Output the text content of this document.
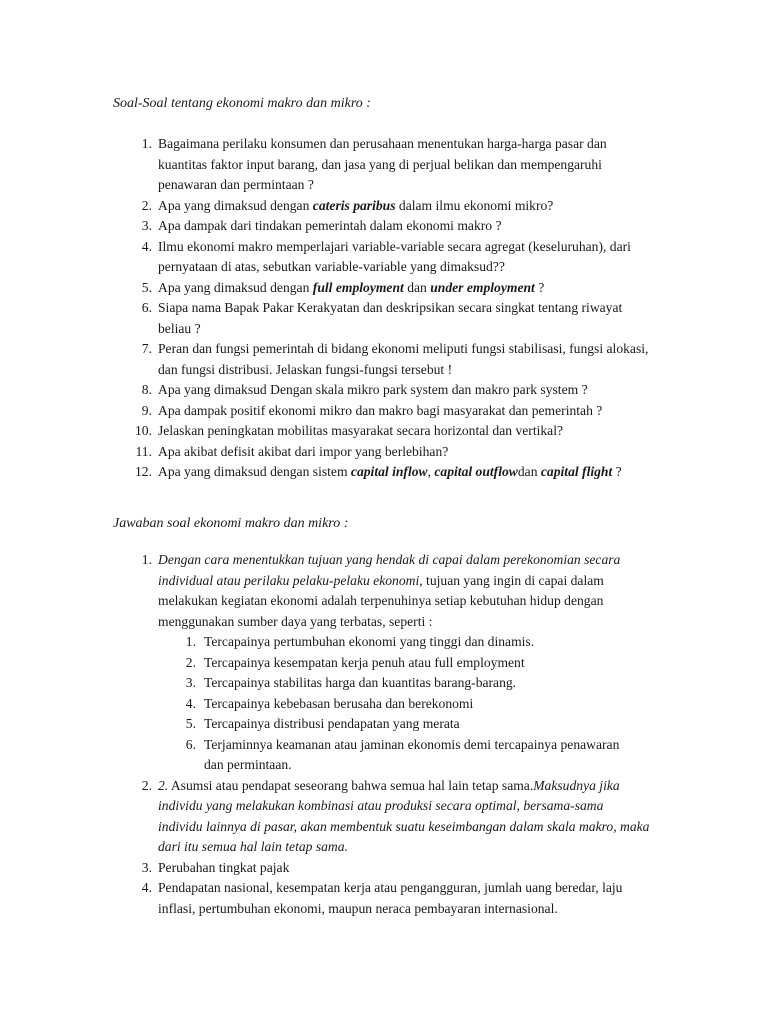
Soal-Soal tentang ekonomi makro dan mikro :
1. Bagaimana perilaku konsumen dan perusahaan menentukan harga-harga pasar dan kuantitas faktor input barang, dan jasa yang di perjual belikan dan mempengaruhi penawaran dan permintaan ?
2. Apa yang dimaksud dengan cateris paribus dalam ilmu ekonomi mikro?
3. Apa dampak dari tindakan pemerintah dalam ekonomi makro ?
4. Ilmu ekonomi makro memperlajari variable-variable secara agregat (keseluruhan), dari pernyataan di atas, sebutkan variable-variable yang dimaksud??
5. Apa yang dimaksud dengan full employment dan under employment ?
6. Siapa nama Bapak Pakar Kerakyatan dan deskripsikan secara singkat tentang riwayat beliau ?
7. Peran dan fungsi pemerintah di bidang ekonomi meliputi fungsi stabilisasi, fungsi alokasi, dan fungsi distribusi. Jelaskan fungsi-fungsi tersebut !
8. Apa yang dimaksud Dengan skala mikro park system dan makro park system ?
9. Apa dampak positif ekonomi mikro dan makro bagi masyarakat dan pemerintah ?
10. Jelaskan peningkatan mobilitas masyarakat secara horizontal dan vertikal?
11. Apa akibat defisit akibat dari impor yang berlebihan?
12. Apa yang dimaksud dengan sistem capital inflow, capital outflowdan capital flight ?
Jawaban soal ekonomi makro dan mikro :
1. Dengan cara menentukkan tujuan yang hendak di capai dalam perekonomian secara individual atau perilaku pelaku-pelaku ekonomi, tujuan yang ingin di capai dalam melakukan kegiatan ekonomi adalah terpenuhinya setiap kebutuhan hidup dengan menggunakan sumber daya yang terbatas, seperti :
1. Tercapainya pertumbuhan ekonomi yang tinggi dan dinamis.
2. Tercapainya kesempatan kerja penuh atau full employment
3. Tercapainya stabilitas harga dan kuantitas barang-barang.
4. Tercapainya kebebasan berusaha dan berekonomi
5. Tercapainya distribusi pendapatan yang merata
6. Terjaminnya keamanan atau jaminan ekonomis demi tercapainya penawaran dan permintaan.
2. 2. Asumsi atau pendapat seseorang bahwa semua hal lain tetap sama.Maksudnya jika individu yang melakukan kombinasi atau produksi secara optimal, bersama-sama individu lainnya di pasar, akan membentuk suatu keseimbangan dalam skala makro, maka dari itu semua hal lain tetap sama.
3. Perubahan tingkat pajak
4. Pendapatan nasional, kesempatan kerja atau pengangguran, jumlah uang beredar, laju inflasi, pertumbuhan ekonomi, maupun neraca pembayaran internasional.
